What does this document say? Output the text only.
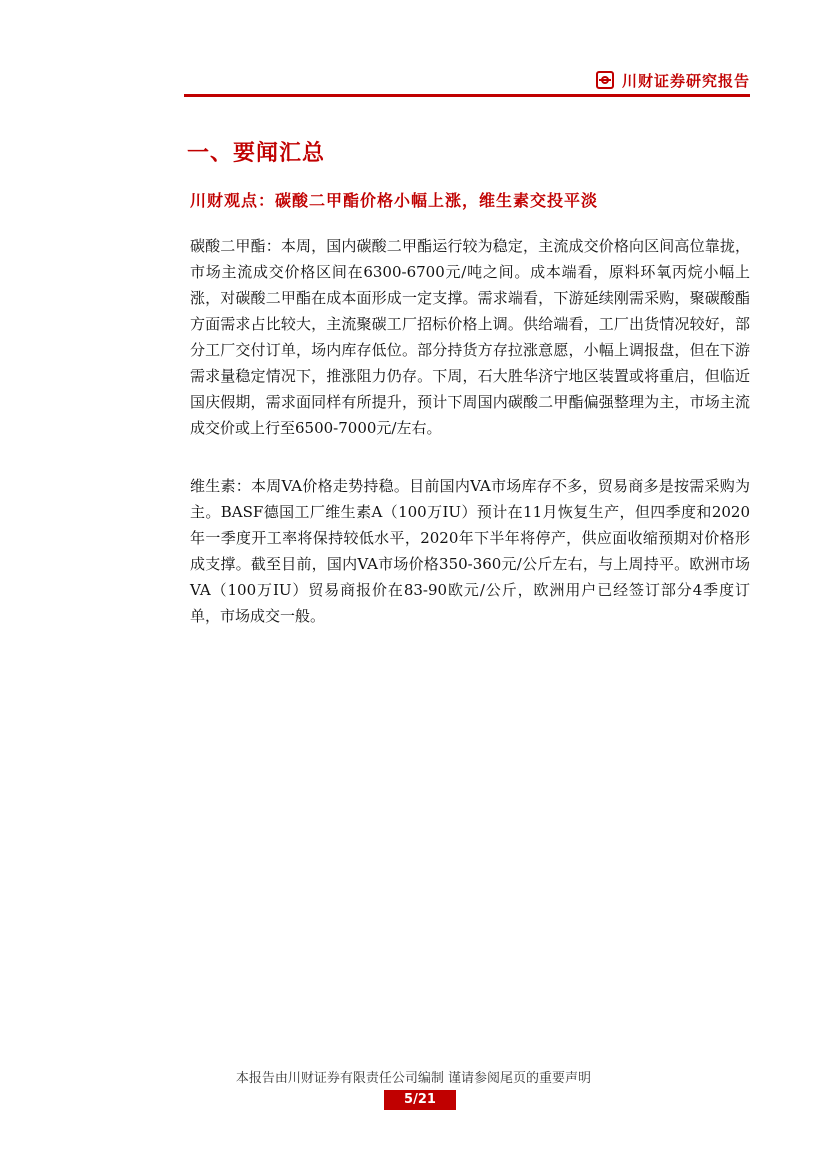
川财证券研究报告
一、要闻汇总
川财观点：碳酸二甲酯价格小幅上涨，维生素交投平淡

碳酸二甲酯：本周，国内碳酸二甲酯运行较为稳定，主流成交价格向区间高位靠拢，市场主流成交价格区间在6300-6700元/吨之间。成本端看，原料环氧丙烷小幅上涨，对碳酸二甲酯在成本面形成一定支撑。需求端看，下游延续刚需采购，聚碳酸酯方面需求占比较大，主流聚碳工厂招标价格上调。供给端看，工厂出货情况较好，部分工厂交付订单，场内库存低位。部分持货方存拉涨意愿，小幅上调报盘，但在下游需求量稳定情况下，推涨阻力仍存。下周，石大胜华济宁地区装置或将重启，但临近国庆假期，需求面同样有所提升，预计下周国内碳酸二甲酯偏强整理为主，市场主流成交价或上行至6500-7000元/左右。

维生素：本周VA价格走势持稳。目前国内VA市场库存不多，贸易商多是按需采购为主。BASF德国工厂维生素A（100万IU）预计在11月恢复生产，但四季度和2020年一季度开工率将保持较低水平，2020年下半年将停产，供应面收缩预期对价格形成支撑。截至目前，国内VA市场价格350-360元/公斤左右，与上周持平。欧洲市场VA（100万IU）贸易商报价在83-90欧元/公斤，欧洲用户已经签订部分4季度订单，市场成交一般。

本报告由川财证券有限责任公司编制 谨请参阅尾页的重要声明
5/21
